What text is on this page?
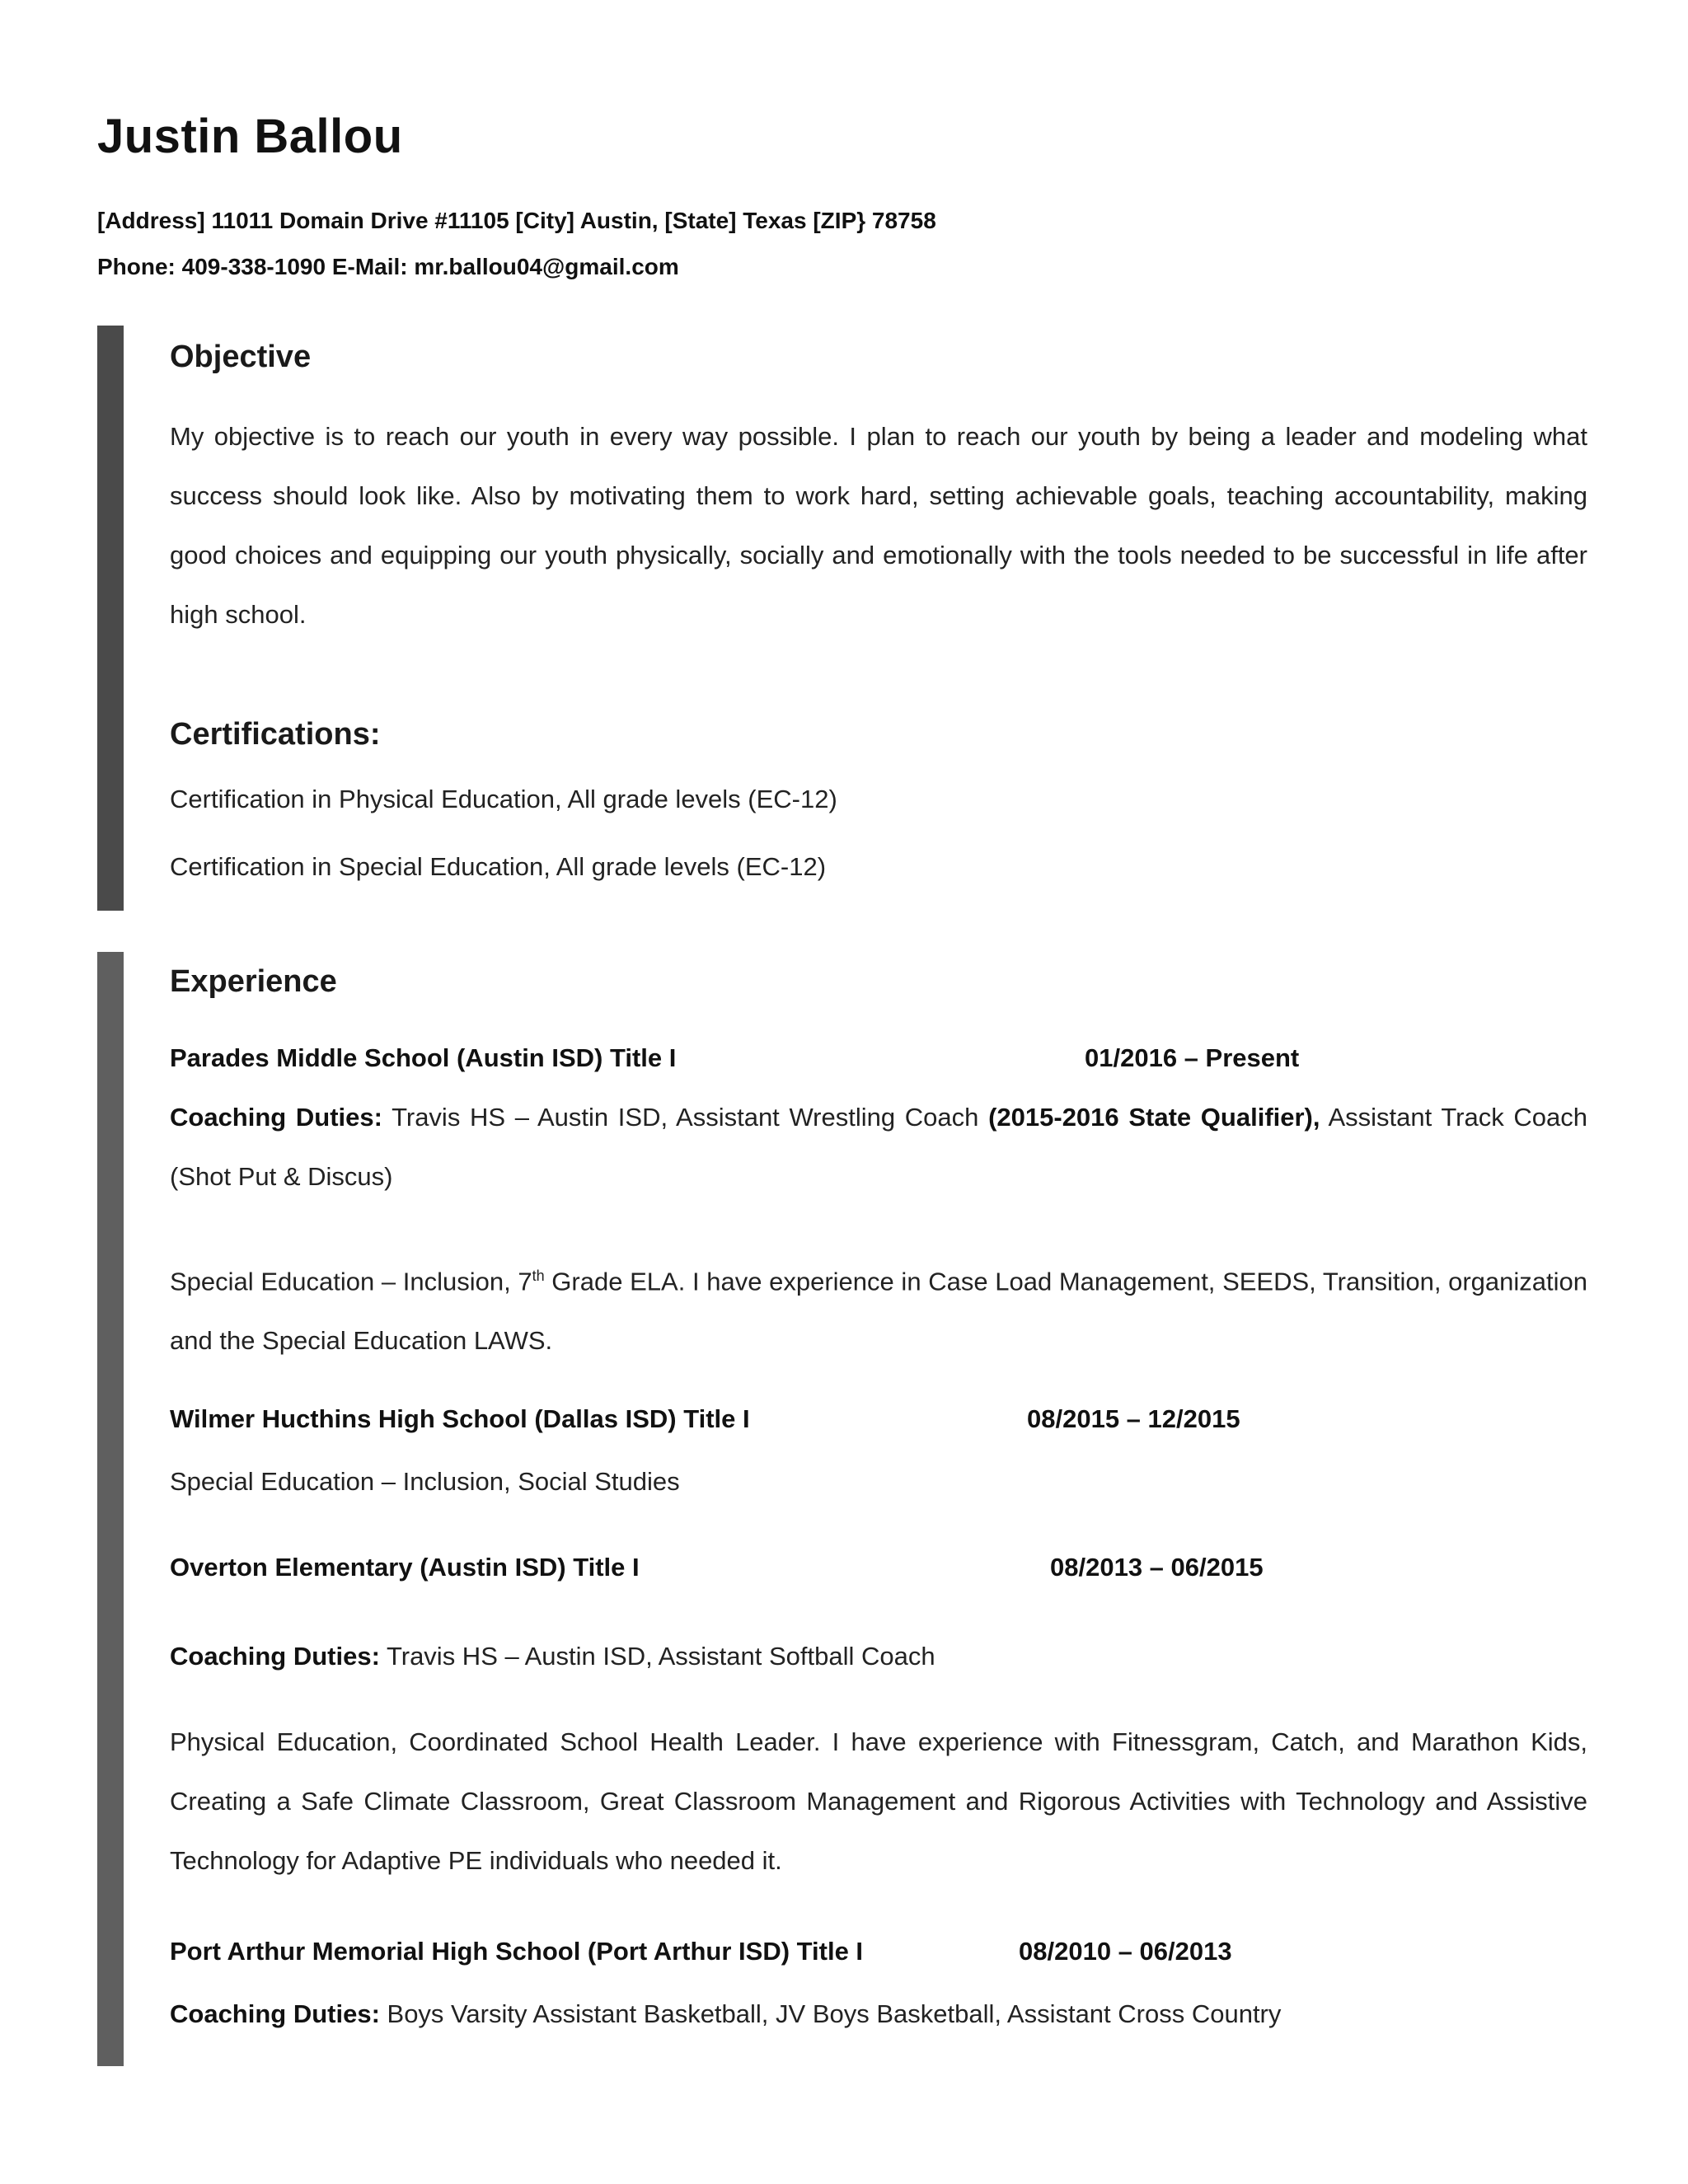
Justin Ballou

[Address] 11011 Domain Drive #11105 [City] Austin, [State] Texas [ZIP} 78758

Phone: 409-338-1090 E-Mail: mr.ballou04@gmail.com

Objective

My objective is to reach our youth in every way possible. I plan to reach our youth by being a leader and modeling what success should look like. Also by motivating them to work hard, setting achievable goals, teaching accountability, making good choices and equipping our youth physically, socially and emotionally with the tools needed to be successful in life after high school.

Certifications:

Certification in Physical Education, All grade levels (EC-12)

Certification in Special Education, All grade levels (EC-12)

Experience

Parades Middle School (Austin ISD) Title I	01/2016 – Present

Coaching Duties: Travis HS – Austin ISD, Assistant Wrestling Coach (2015-2016 State Qualifier), Assistant Track Coach (Shot Put & Discus)

Special Education – Inclusion, 7th Grade ELA. I have experience in Case Load Management, SEEDS, Transition, organization and the Special Education LAWS.

Wilmer Hucthins High School (Dallas ISD) Title I	08/2015 – 12/2015

Special Education – Inclusion, Social Studies

Overton Elementary (Austin ISD) Title I	08/2013 – 06/2015

Coaching Duties: Travis HS – Austin ISD, Assistant Softball Coach

Physical Education, Coordinated School Health Leader. I have experience with Fitnessgram, Catch, and Marathon Kids, Creating a Safe Climate Classroom, Great Classroom Management and Rigorous Activities with Technology and Assistive Technology for Adaptive PE individuals who needed it.

Port Arthur Memorial High School (Port Arthur ISD) Title I	08/2010 – 06/2013

Coaching Duties: Boys Varsity Assistant Basketball, JV Boys Basketball, Assistant Cross Country
